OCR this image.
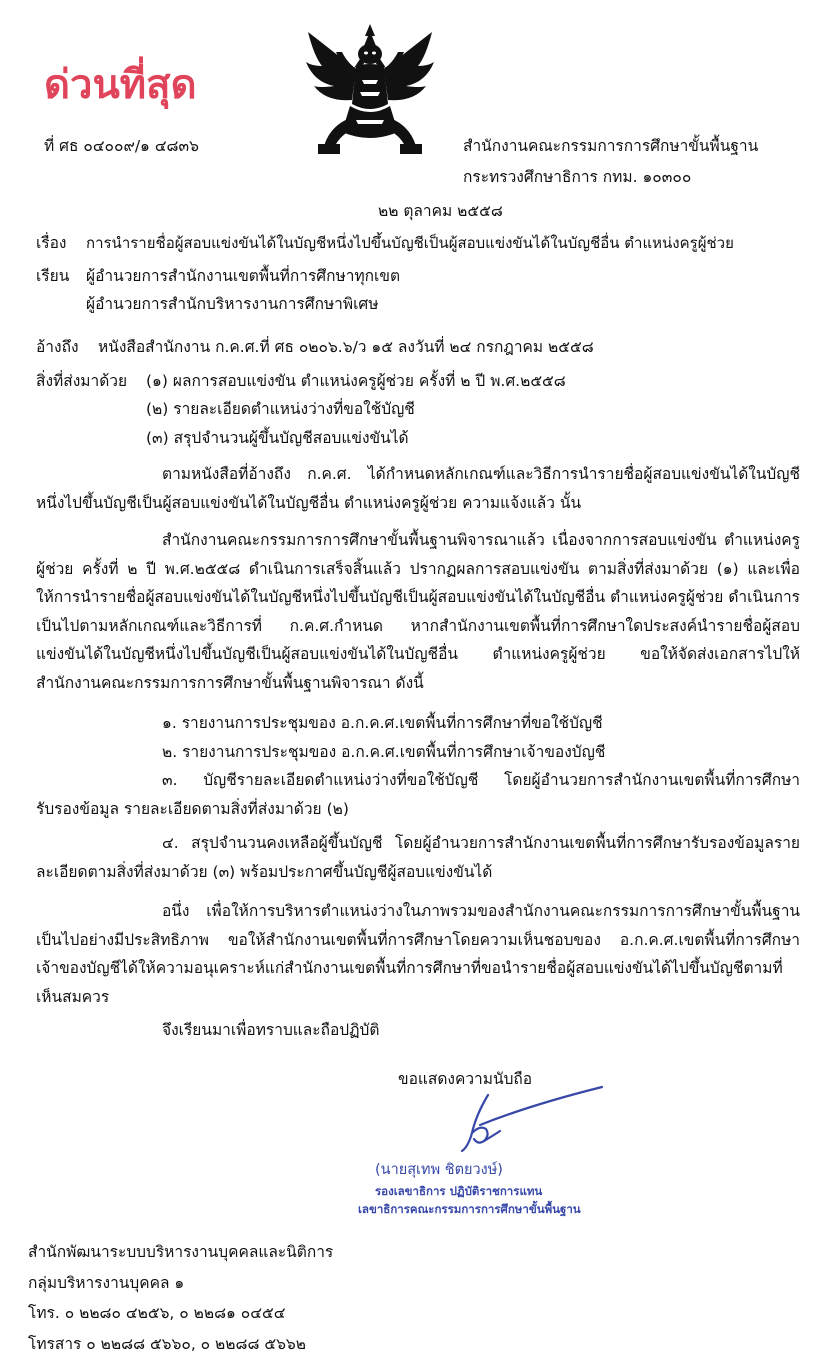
ด่วนที่สุด
ที่ ศธ ๐๔๐๐๙/๑ ๔๘๓๖	สำนักงานคณะกรรมการการศึกษาขั้นพื้นฐาน
กระทรวงศึกษาธิการ กทม. ๑๐๓๐๐
๒๒ ตุลาคม ๒๕๕๘
เรื่อง การนำรายชื่อผู้สอบแข่งขันได้ในบัญชีหนึ่งไปขึ้นบัญชีเป็นผู้สอบแข่งขันได้ในบัญชีอื่น ตำแหน่งครูผู้ช่วย
เรียน ผู้อำนวยการสำนักงานเขตพื้นที่การศึกษาทุกเขต
ผู้อำนวยการสำนักบริหารงานการศึกษาพิเศษ
อ้างถึง หนังสือสำนักงาน ก.ค.ศ.ที่ ศธ ๐๒๐๖.๖/ว ๑๕ ลงวันที่ ๒๔ กรกฎาคม ๒๕๕๘
สิ่งที่ส่งมาด้วย (๑) ผลการสอบแข่งขัน ตำแหน่งครูผู้ช่วย ครั้งที่ ๒ ปี พ.ศ.๒๕๕๘
(๒) รายละเอียดตำแหน่งว่างที่ขอใช้บัญชี
(๓) สรุปจำนวนผู้ขึ้นบัญชีสอบแข่งขันได้
ตามหนังสือที่อ้างถึง ก.ค.ศ. ได้กำหนดหลักเกณฑ์และวิธีการนำรายชื่อผู้สอบแข่งขันได้ในบัญชีหนึ่งไปขึ้นบัญชีเป็นผู้สอบแข่งขันได้ในบัญชีอื่น ตำแหน่งครูผู้ช่วย ความแจ้งแล้ว นั้น
สำนักงานคณะกรรมการการศึกษาขั้นพื้นฐานพิจารณาแล้ว เนื่องจากการสอบแข่งขัน ตำแหน่งครูผู้ช่วย ครั้งที่ ๒ ปี พ.ศ.๒๕๕๘ ดำเนินการเสร็จสิ้นแล้ว ปรากฏผลการสอบแข่งขัน ตามสิ่งที่ส่งมาด้วย (๑) และเพื่อให้การนำรายชื่อผู้สอบแข่งขันได้ในบัญชีหนึ่งไปขึ้นบัญชีเป็นผู้สอบแข่งขันได้ในบัญชีอื่น ตำแหน่งครูผู้ช่วย ดำเนินการเป็นไปตามหลักเกณฑ์และวิธีการที่ ก.ค.ศ.กำหนด หากสำนักงานเขตพื้นที่การศึกษาใดประสงค์นำรายชื่อผู้สอบแข่งขันได้ในบัญชีหนึ่งไปขึ้นบัญชีเป็นผู้สอบแข่งขันได้ในบัญชีอื่น ตำแหน่งครูผู้ช่วย ขอให้จัดส่งเอกสารไปให้สำนักงานคณะกรรมการการศึกษาขั้นพื้นฐานพิจารณา ดังนี้
๑. รายงานการประชุมของ อ.ก.ค.ศ.เขตพื้นที่การศึกษาที่ขอใช้บัญชี
๒. รายงานการประชุมของ อ.ก.ค.ศ.เขตพื้นที่การศึกษาเจ้าของบัญชี
๓. บัญชีรายละเอียดตำแหน่งว่างที่ขอใช้บัญชี โดยผู้อำนวยการสำนักงานเขตพื้นที่การศึกษารับรองข้อมูล รายละเอียดตามสิ่งที่ส่งมาด้วย (๒)
๔. สรุปจำนวนคงเหลือผู้ขึ้นบัญชี โดยผู้อำนวยการสำนักงานเขตพื้นที่การศึกษารับรองข้อมูลรายละเอียดตามสิ่งที่ส่งมาด้วย (๓) พร้อมประกาศขึ้นบัญชีผู้สอบแข่งขันได้
อนึ่ง เพื่อให้การบริหารตำแหน่งว่างในภาพรวมของสำนักงานคณะกรรมการการศึกษาขั้นพื้นฐานเป็นไปอย่างมีประสิทธิภาพ ขอให้สำนักงานเขตพื้นที่การศึกษาโดยความเห็นชอบของ อ.ก.ค.ศ.เขตพื้นที่การศึกษาเจ้าของบัญชีได้ให้ความอนุเคราะห์แก่สำนักงานเขตพื้นที่การศึกษาที่ขอนำรายชื่อผู้สอบแข่งขันได้ไปขึ้นบัญชีตามที่เห็นสมควร
จึงเรียนมาเพื่อทราบและถือปฏิบัติ
ขอแสดงความนับถือ
(นายสุเทพ ชิตยวงษ์)
รองเลขาธิการ ปฏิบัติราชการแทน
เลขาธิการคณะกรรมการการศึกษาขั้นพื้นฐาน
สำนักพัฒนาระบบบริหารงานบุคคลและนิติการ
กลุ่มบริหารงานบุคคล ๑
โทร. ๐ ๒๒๘๐ ๔๒๕๖, ๐ ๒๒๘๑ ๐๔๕๔
โทรสาร ๐ ๒๒๘๘ ๕๖๖๐, ๐ ๒๒๘๘ ๕๖๖๒
